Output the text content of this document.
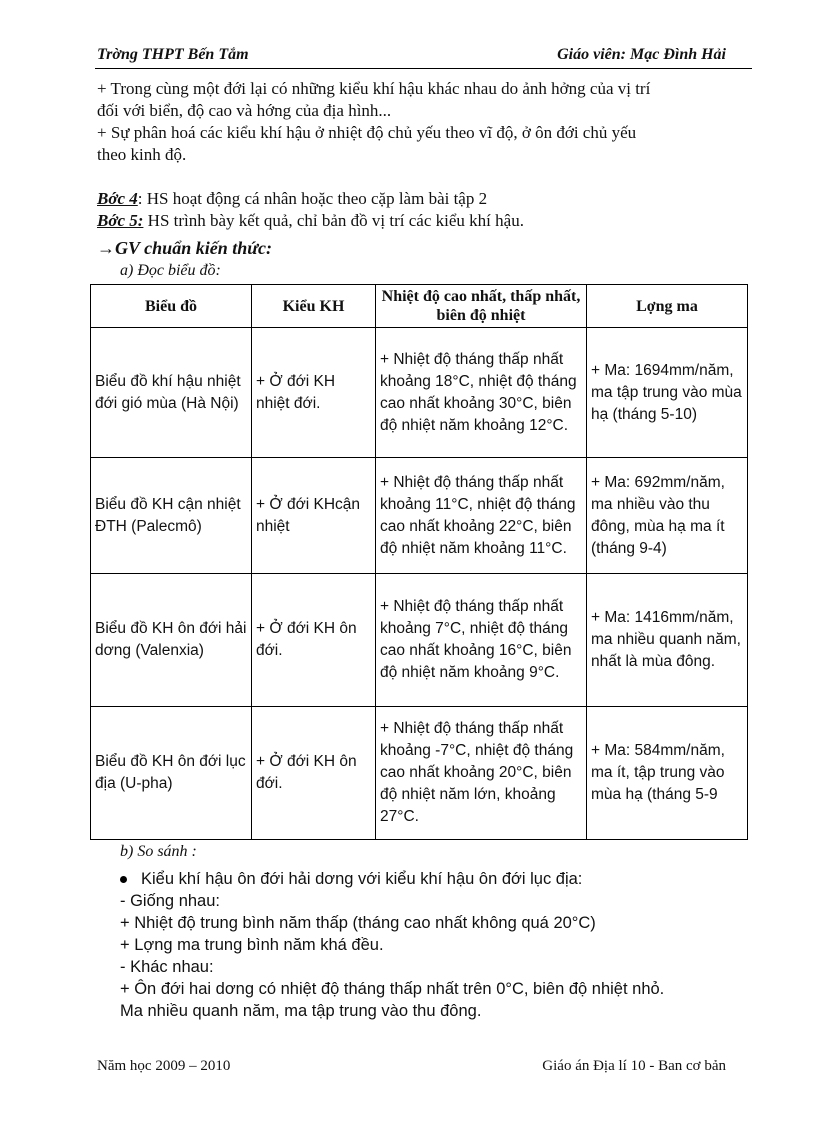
Trờng THPT Bến Tắm	Giáo viên: Mạc Đình Hải
+ Trong cùng một đới lại có những kiểu khí hậu khác nhau do ảnh hởng của vị trí
đối với biển, độ cao và hớng của địa hình...
+ Sự phân hoá các kiểu khí hậu ở nhiệt độ chủ yếu theo vĩ độ, ở ôn đới chủ yếu
theo kinh độ.
Bớc 4: HS hoạt động cá nhân hoặc theo cặp làm bài tập 2
Bớc 5: HS trình bày kết quả, chỉ bản đồ vị trí các kiểu khí hậu.
→GV chuẩn kiến thức:
a) Đọc biểu đồ:
Biểu đồ	Kiểu KH	Nhiệt độ cao nhất, thấp nhất, biên độ nhiệt	Lợng ma
Biểu đồ khí hậu nhiệt đới gió mùa (Hà Nội)	+ Ở đới KH nhiệt đới.	+ Nhiệt độ tháng thấp nhất khoảng 18°C, nhiệt độ tháng cao nhất khoảng 30°C, biên độ nhiệt năm khoảng 12°C.	+ Ma: 1694mm/năm, ma tập trung vào mùa hạ (tháng 5-10)
Biểu đồ KH cận nhiệt ĐTH (Palecmô)	+ Ở đới KHcận nhiệt	+ Nhiệt độ tháng thấp nhất khoảng 11°C, nhiệt độ tháng cao nhất khoảng 22°C, biên độ nhiệt năm khoảng 11°C.	+ Ma: 692mm/năm, ma nhiều vào thu đông, mùa hạ ma ít (tháng 9-4)
Biểu đồ KH ôn đới hải dơng (Valenxia)	+ Ở đới KH ôn đới.	+ Nhiệt độ tháng thấp nhất khoảng 7°C, nhiệt độ tháng cao nhất khoảng 16°C, biên độ nhiệt năm khoảng 9°C.	+ Ma: 1416mm/năm, ma nhiều quanh năm, nhất là mùa đông.
Biểu đồ KH ôn đới lục địa (U-pha)	+ Ở đới KH ôn đới.	+ Nhiệt độ tháng thấp nhất khoảng -7°C, nhiệt độ tháng cao nhất khoảng 20°C, biên độ nhiệt năm lớn, khoảng 27°C.	+ Ma: 584mm/năm, ma ít, tập trung vào mùa hạ (tháng 5-9
b) So sánh :
Kiểu khí hậu ôn đới hải dơng với kiểu khí hậu ôn đới lục địa:
- Giống nhau:
+ Nhiệt độ trung bình năm thấp (tháng cao nhất không quá 20°C)
+ Lợng ma trung bình năm khá đều.
- Khác nhau:
+ Ôn đới hai dơng có nhiệt độ tháng thấp nhất trên 0°C, biên độ nhiệt nhỏ.
Ma nhiều quanh năm, ma tập trung vào thu đông.
Năm học 2009 – 2010	Giáo án Địa lí 10 - Ban cơ bản
